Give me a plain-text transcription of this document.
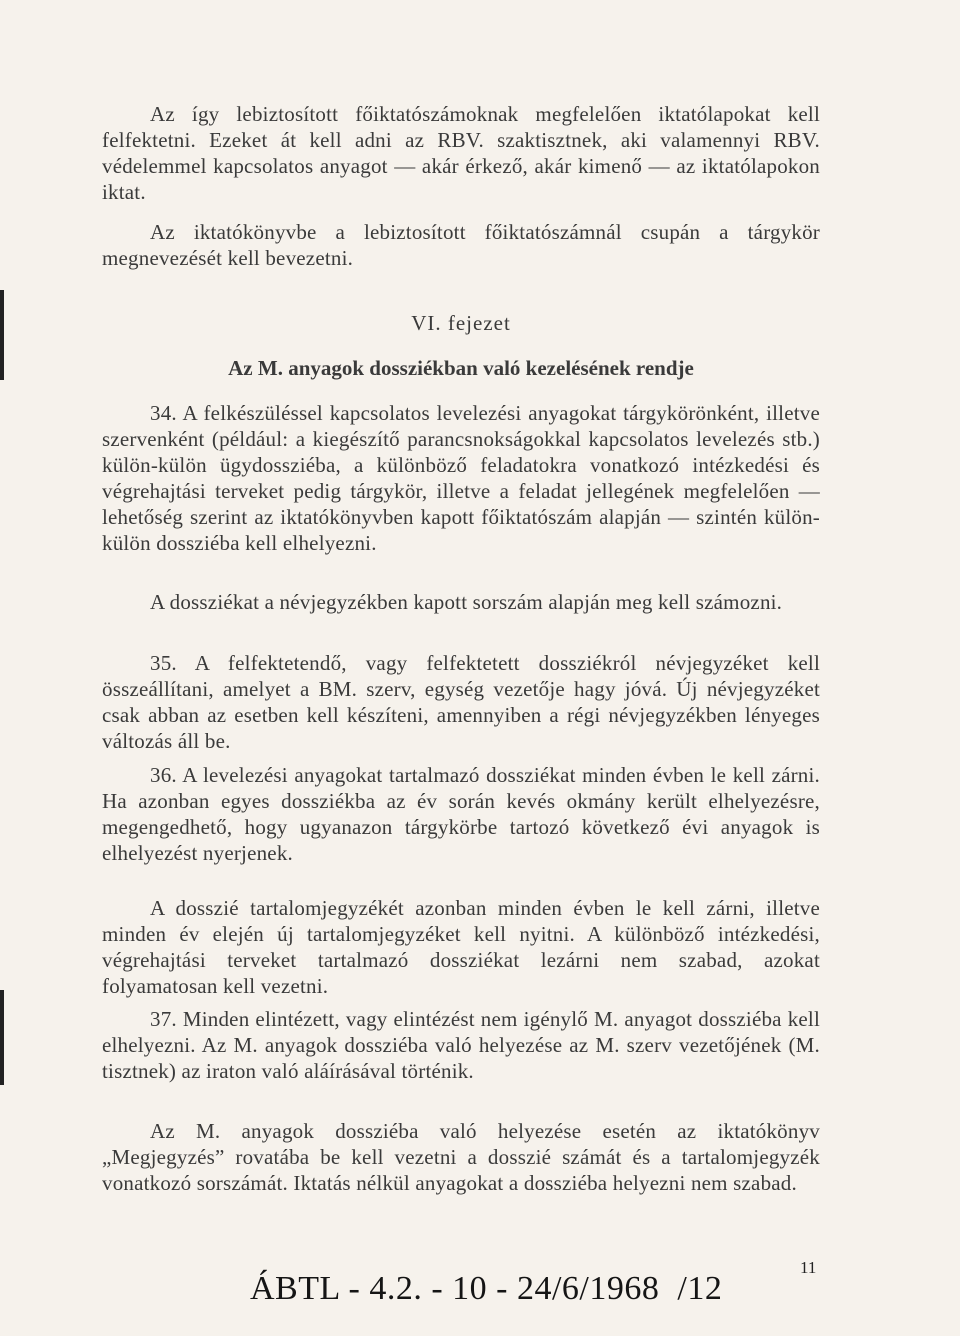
Az így lebiztosított főiktatószámoknak megfelelően iktatólapokat kell felfektetni. Ezeket át kell adni az RBV. szaktisztnek, aki valamennyi RBV. védelemmel kapcsolatos anyagot — akár érkező, akár kimenő — az iktatólapokon iktat.

Az iktatókönyvbe a lebiztosított főiktatószámnál csupán a tárgykör megnevezését kell bevezetni.

VI. fejezet
Az M. anyagok dossziékban való kezelésének rendje

34. A felkészüléssel kapcsolatos levelezési anyagokat tárgykörönként, illetve szervenként (például: a kiegészítő parancsnokságokkal kapcsolatos levelezés stb.) külön-külön ügydossziéba, a különböző feladatokra vonatkozó intézkedési és végrehajtási terveket pedig tárgykör, illetve a feladat jellegének megfelelően — lehetőség szerint az iktatókönyvben kapott főiktatószám alapján — szintén külön-külön dossziéba kell elhelyezni.

A dossziékat a névjegyzékben kapott sorszám alapján meg kell számozni.

35. A felfektetendő, vagy felfektetett dossziékról névjegyzéket kell összeállítani, amelyet a BM. szerv, egység vezetője hagy jóvá. Új névjegyzéket csak abban az esetben kell készíteni, amennyiben a régi névjegyzékben lényeges változás áll be.

36. A levelezési anyagokat tartalmazó dossziékat minden évben le kell zárni. Ha azonban egyes dossziékba az év során kevés okmány került elhelyezésre, megengedhető, hogy ugyanazon tárgykörbe tartozó következő évi anyagok is elhelyezést nyerjenek.

A dosszié tartalomjegyzékét azonban minden évben le kell zárni, illetve minden év elején új tartalomjegyzéket kell nyitni. A különböző intézkedési, végrehajtási terveket tartalmazó dossziékat lezárni nem szabad, azokat folyamatosan kell vezetni.

37. Minden elintézett, vagy elintézést nem igénylő M. anyagot dossziéba kell elhelyezni. Az M. anyagok dossziéba való helyezése az M. szerv vezetőjének (M. tisztnek) az iraton való aláírásával történik.

Az M. anyagok dossziéba való helyezése esetén az iktatókönyv „Megjegyzés” rovatába be kell vezetni a dosszié számát és a tartalomjegyzék vonatkozó sorszámát. Iktatás nélkül anyagokat a dossziéba helyezni nem szabad.

11
ÁBTL - 4.2. - 10 - 24/6/1968  /12
